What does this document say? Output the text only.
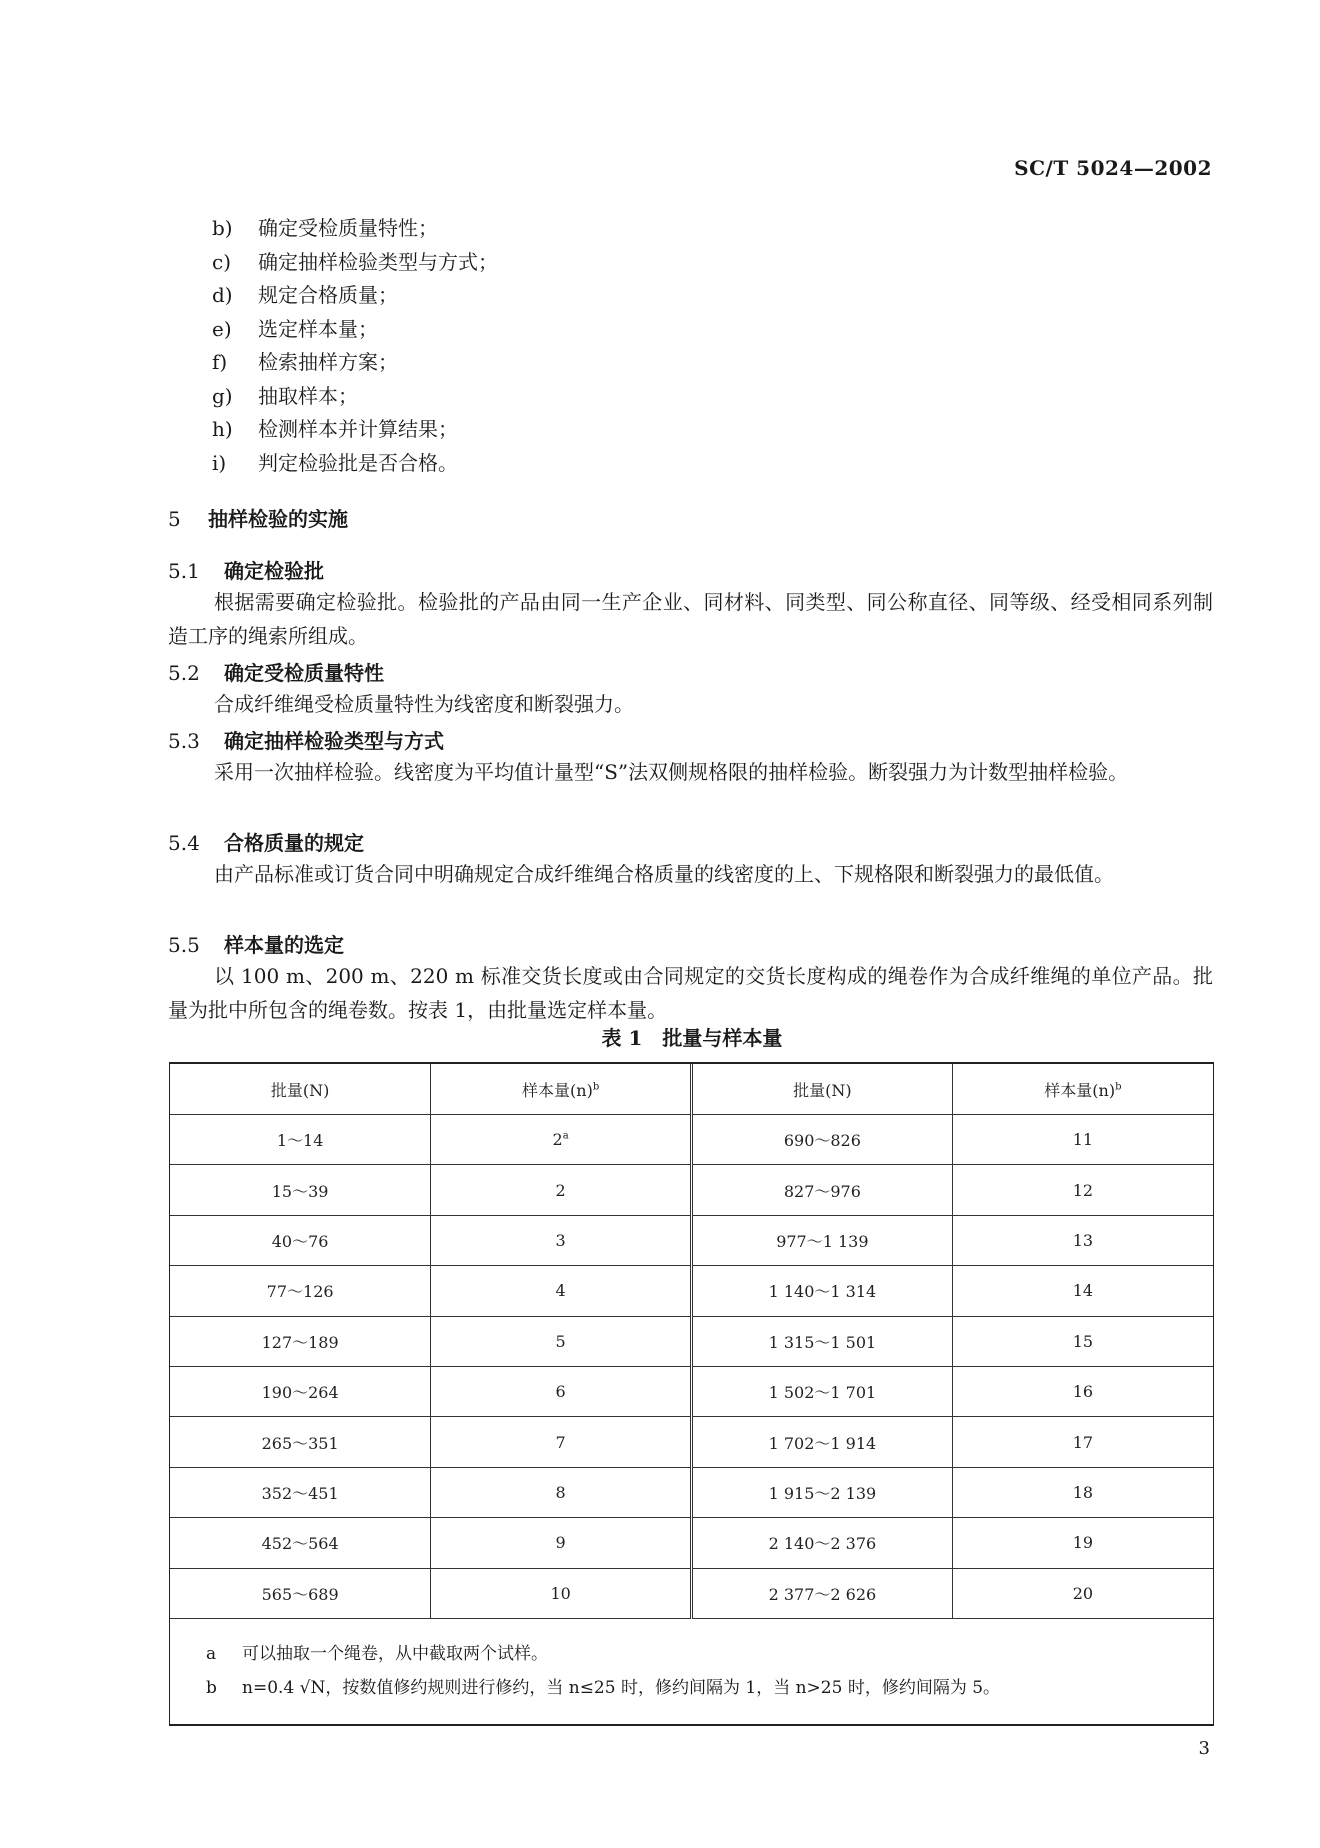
SC/T 5024—2002
b) 确定受检质量特性；
c) 确定抽样检验类型与方式；
d) 规定合格质量；
e) 选定样本量；
f) 检索抽样方案；
g) 抽取样本；
h) 检测样本并计算结果；
i) 判定检验批是否合格。
5 抽样检验的实施
5.1 确定检验批
根据需要确定检验批。检验批的产品由同一生产企业、同材料、同类型、同公称直径、同等级、经受相同系列制造工序的绳索所组成。
5.2 确定受检质量特性
合成纤维绳受检质量特性为线密度和断裂强力。
5.3 确定抽样检验类型与方式
采用一次抽样检验。线密度为平均值计量型“S”法双侧规格限的抽样检验。断裂强力为计数型抽样检验。
5.4 合格质量的规定
由产品标准或订货合同中明确规定合成纤维绳合格质量的线密度的上、下规格限和断裂强力的最低值。
5.5 样本量的选定
以 100 m、200 m、220 m 标准交货长度或由合同规定的交货长度构成的绳卷作为合成纤维绳的单位产品。批量为批中所包含的绳卷数。按表 1，由批量选定样本量。
表 1　批量与样本量
批量(N)	样本量$(n)^b$	批量(N)	样本量$(n)^b$
1～14	2$^a$	690～826	11
15～39	2	827～976	12
40～76	3	977～1 139	13
77～126	4	1 140～1 314	14
127～189	5	1 315～1 501	15
190～264	6	1 502～1 701	16
265～351	7	1 702～1 914	17
352～451	8	1 915～2 139	18
452～564	9	2 140～2 376	19
565～689	10	2 377～2 626	20
a 可以抽取一个绳卷，从中截取两个试样。
b n=0.4 √N，按数值修约规则进行修约，当 n≤25 时，修约间隔为 1，当 n>25 时，修约间隔为 5。
3
